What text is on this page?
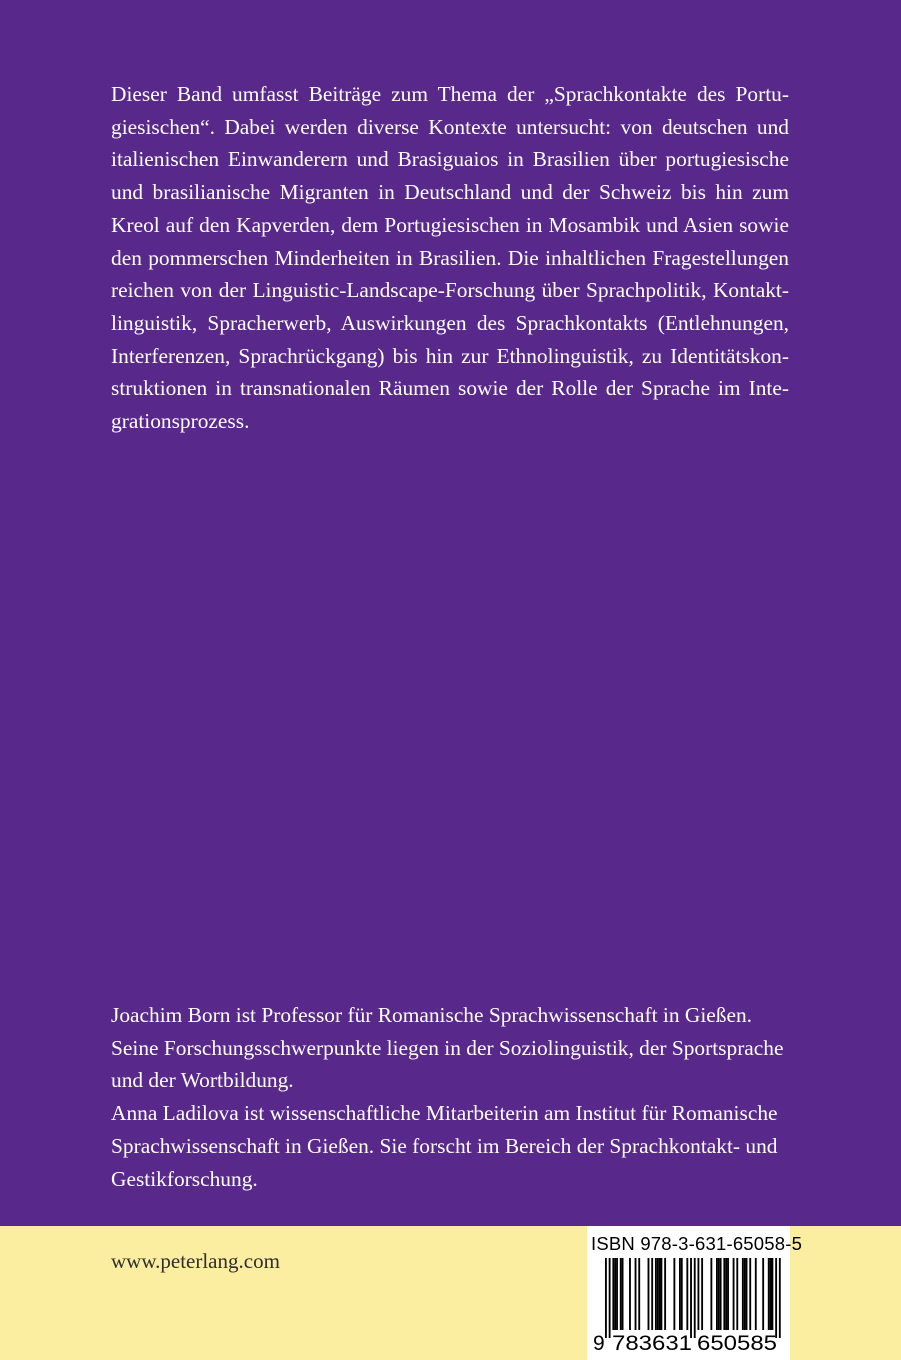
Dieser Band umfasst Beiträge zum Thema der „Sprachkontakte des Portugiesischen“. Dabei werden diverse Kontexte untersucht: von deutschen und italienischen Einwanderern und Brasiguaios in Brasilien über portugiesische und brasilianische Migranten in Deutschland und der Schweiz bis hin zum Kreol auf den Kapverden, dem Portugiesischen in Mosambik und Asien sowie den pommerschen Minderheiten in Brasilien. Die inhaltlichen Fragestellungen reichen von der Linguistic-Landscape-Forschung über Sprachpolitik, Kontaktlinguistik, Spracherwerb, Auswirkungen des Sprachkontakts (Entlehnungen, Interferenzen, Sprachrückgang) bis hin zur Ethnolinguistik, zu Identitätskonstruktionen in transnationalen Räumen sowie der Rolle der Sprache im Integrationsprozess.

Joachim Born ist Professor für Romanische Sprachwissenschaft in Gießen. Seine Forschungsschwerpunkte liegen in der Soziolinguistik, der Sportsprache und der Wortbildung.

Anna Ladilova ist wissenschaftliche Mitarbeiterin am Institut für Romanische Sprachwissenschaft in Gießen. Sie forscht im Bereich der Sprachkontakt- und Gestikforschung.

www.peterlang.com
ISBN 978-3-631-65058-5
9 783631 650585
